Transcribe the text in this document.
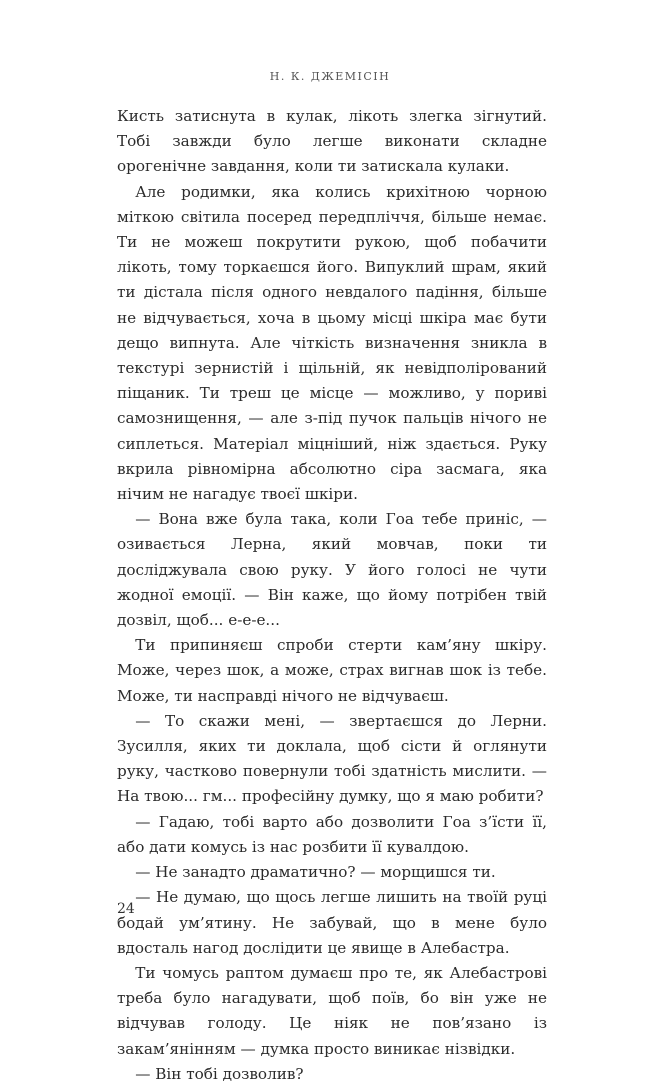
Н. К. ДЖЕМІСІН

Кисть затиснута в кулак, лікоть злегка зігнутий. Тобі завжди було легше виконати складне орогенічне завдання, коли ти затискала кулаки.

Але родимки, яка колись крихітною чорною міткою світила посеред передпліччя, більше немає. Ти не можеш покрутити рукою, щоб побачити лікоть, тому торкаєшся його. Випуклий шрам, який ти дістала після одного невдалого падіння, більше не відчувається, хоча в цьому місці шкіра має бути дещо випнута. Але чіткість визначення зникла в текстурі зернистій і щільній, як невідполірований піщаник. Ти треш це місце — можливо, у пориві самознищення, — але з-під пучок пальців нічого не сиплеться. Матеріал міцніший, ніж здається. Руку вкрила рівномірна абсолютно сіра засмага, яка нічим не нагадує твоєї шкіри.

— Вона вже була така, коли Гоа тебе приніс, — озивається Лерна, який мовчав, поки ти досліджувала свою руку. У його голосі не чути жодної емоції. — Він каже, що йому потрібен твій дозвіл, щоб... е-е-е...

Ти припиняєш спроби стерти кам’яну шкіру. Може, через шок, а може, страх вигнав шок із тебе. Може, ти насправді нічого не відчуваєш.

— То скажи мені, — звертаєшся до Лерни. Зусилля, яких ти доклала, щоб сісти й оглянути руку, частково повернули тобі здатність мислити. — На твою... гм... професійну думку, що я маю робити?

— Гадаю, тобі варто або дозволити Гоа з’їсти її, або дати комусь із нас розбити її кувалдою.

— Не занадто драматично? — морщишся ти.

— Не думаю, що щось легше лишить на твоїй руці бодай ум’ятину. Не забувай, що в мене було вдосталь нагод дослідити це явище в Алебастра.

Ти чомусь раптом думаєш про те, як Алебастрові треба було нагадувати, щоб поїв, бо він уже не відчував голоду. Це ніяк не пов’язано із закам’янінням — думка просто виникає нізвідки.

— Він тобі дозволив?

24
